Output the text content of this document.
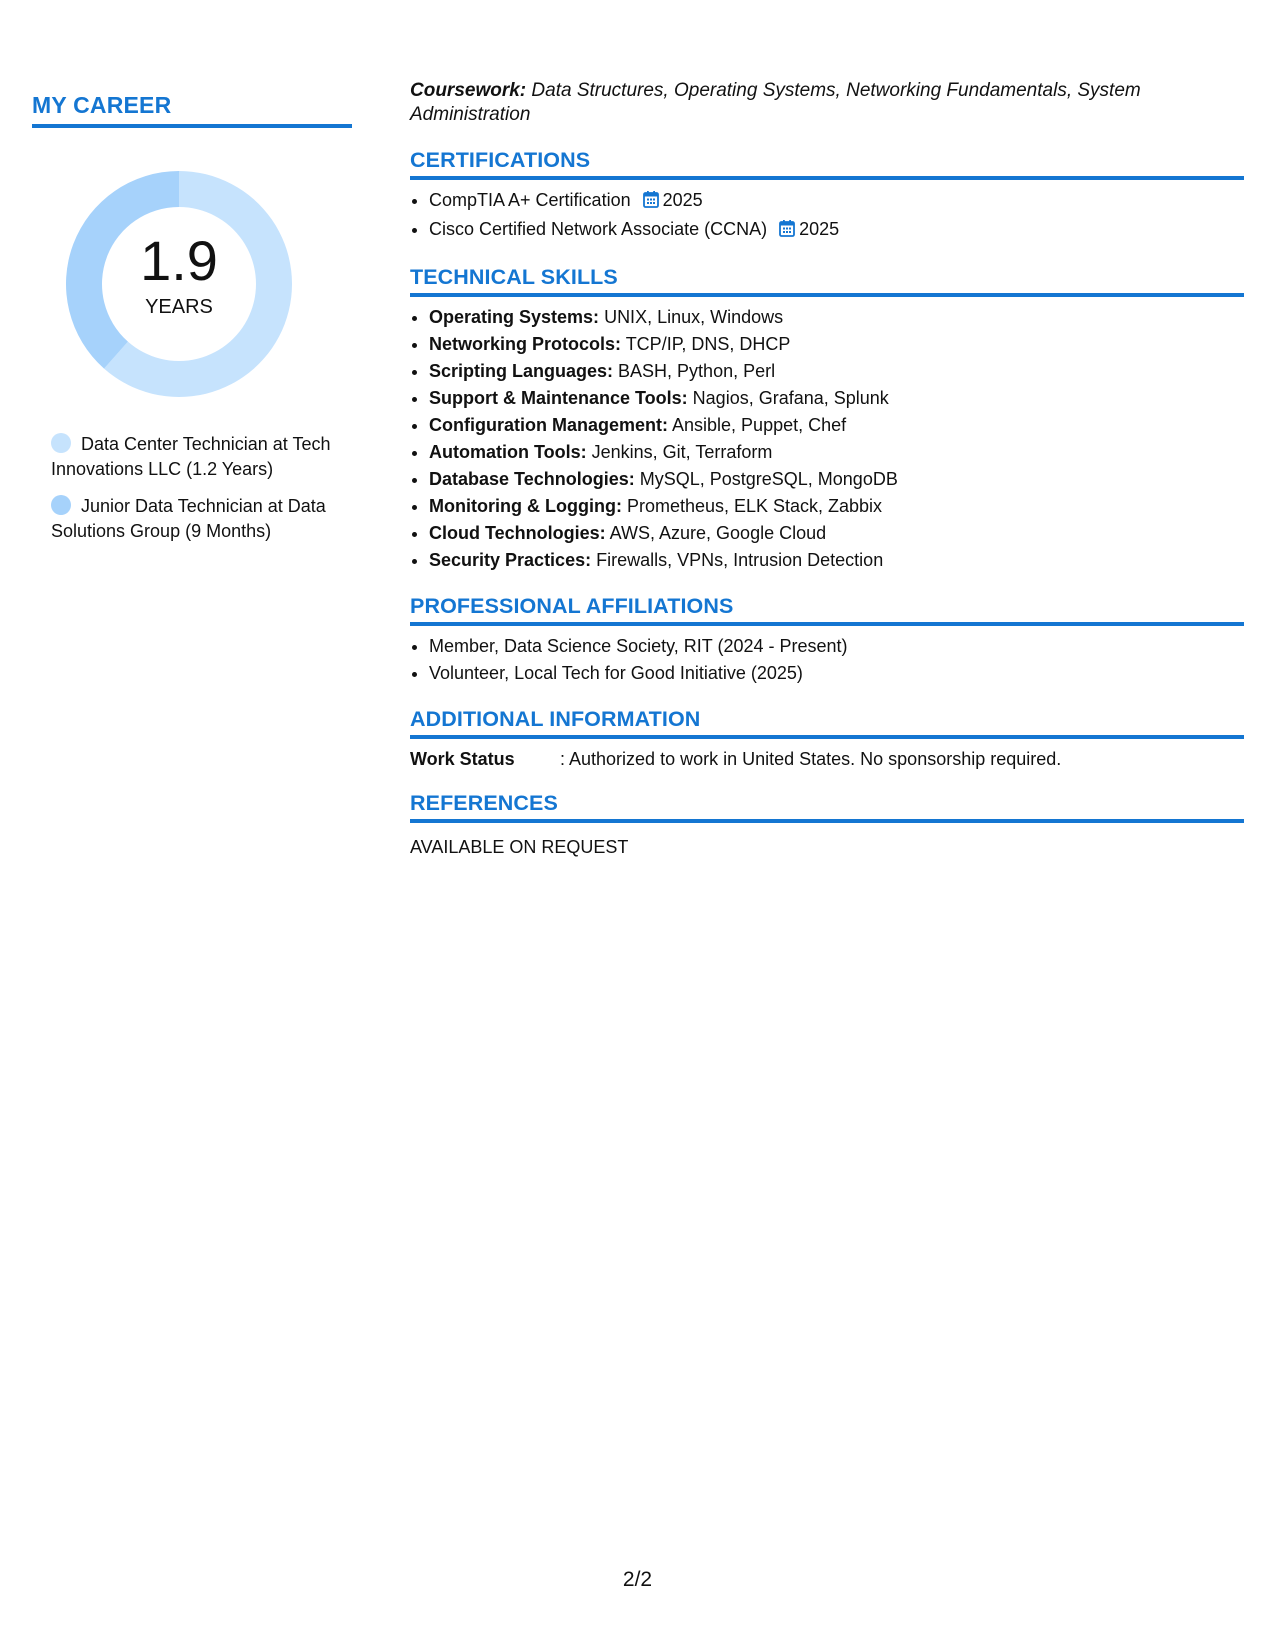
MY CAREER
1.9
YEARS
Data Center Technician at Tech Innovations LLC (1.2 Years)
Junior Data Technician at Data Solutions Group (9 Months)
Coursework: Data Structures, Operating Systems, Networking Fundamentals, System Administration
CERTIFICATIONS
• CompTIA A+ Certification 2025
• Cisco Certified Network Associate (CCNA) 2025
TECHNICAL SKILLS
• Operating Systems: UNIX, Linux, Windows
• Networking Protocols: TCP/IP, DNS, DHCP
• Scripting Languages: BASH, Python, Perl
• Support & Maintenance Tools: Nagios, Grafana, Splunk
• Configuration Management: Ansible, Puppet, Chef
• Automation Tools: Jenkins, Git, Terraform
• Database Technologies: MySQL, PostgreSQL, MongoDB
• Monitoring & Logging: Prometheus, ELK Stack, Zabbix
• Cloud Technologies: AWS, Azure, Google Cloud
• Security Practices: Firewalls, VPNs, Intrusion Detection
PROFESSIONAL AFFILIATIONS
• Member, Data Science Society, RIT (2024 - Present)
• Volunteer, Local Tech for Good Initiative (2025)
ADDITIONAL INFORMATION
Work Status	: Authorized to work in United States. No sponsorship required.
REFERENCES
AVAILABLE ON REQUEST
2/2
